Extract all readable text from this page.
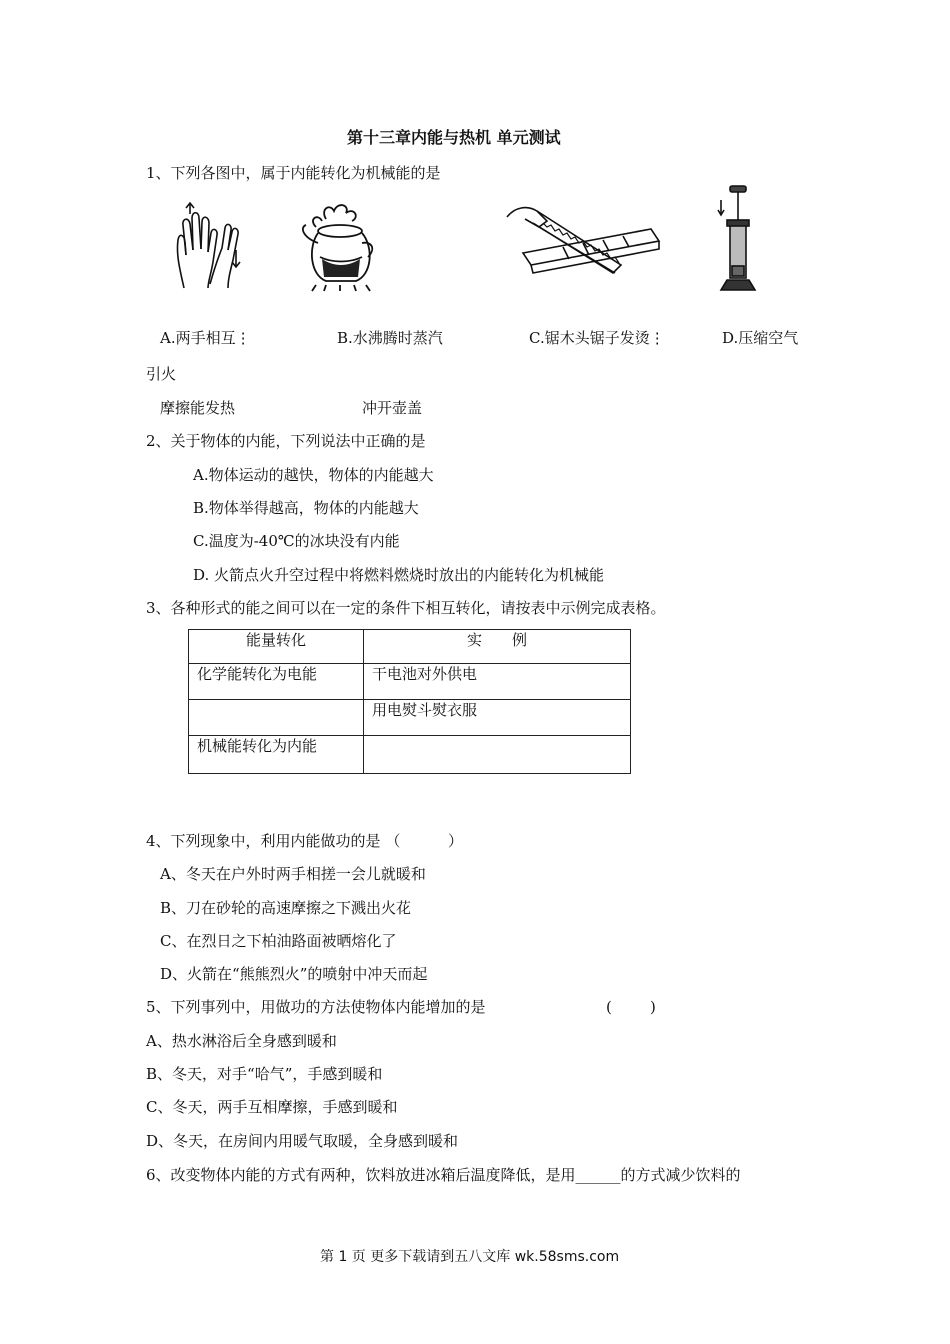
第十三章内能与热机 单元测试
1、下列各图中，属于内能转化为机械能的是
A.两手相互⋮	B.水沸腾时蒸汽	C.锯木头锯子发烫⋮	D.压缩空气
引火
摩擦能发热	冲开壶盖
2、关于物体的内能，下列说法中正确的是
A.物体运动的越快，物体的内能越大
B.物体举得越高，物体的内能越大
C.温度为-40℃的冰块没有内能
D. 火箭点火升空过程中将燃料燃烧时放出的内能转化为机械能
3、各种形式的能之间可以在一定的条件下相互转化，请按表中示例完成表格。
能量转化	实　　例
化学能转化为电能	干电池对外供电
	用电熨斗熨衣服
机械能转化为内能	
4、下列现象中，利用内能做功的是 （          ）
A、冬天在户外时两手相搓一会儿就暖和
B、刀在砂轮的高速摩擦之下溅出火花
C、在烈日之下柏油路面被晒熔化了
D、火箭在“熊熊烈火”的喷射中冲天而起
5、下列事列中，用做功的方法使物体内能增加的是	(        )
A、热水淋浴后全身感到暖和
B、冬天，对手“哈气”，手感到暖和
C、冬天，两手互相摩擦，手感到暖和
D、冬天，在房间内用暖气取暖，全身感到暖和
6、改变物体内能的方式有两种，饮料放进冰箱后温度降低，是用______的方式减少饮料的
第 1 页 更多下载请到五八文库 wk.58sms.com
